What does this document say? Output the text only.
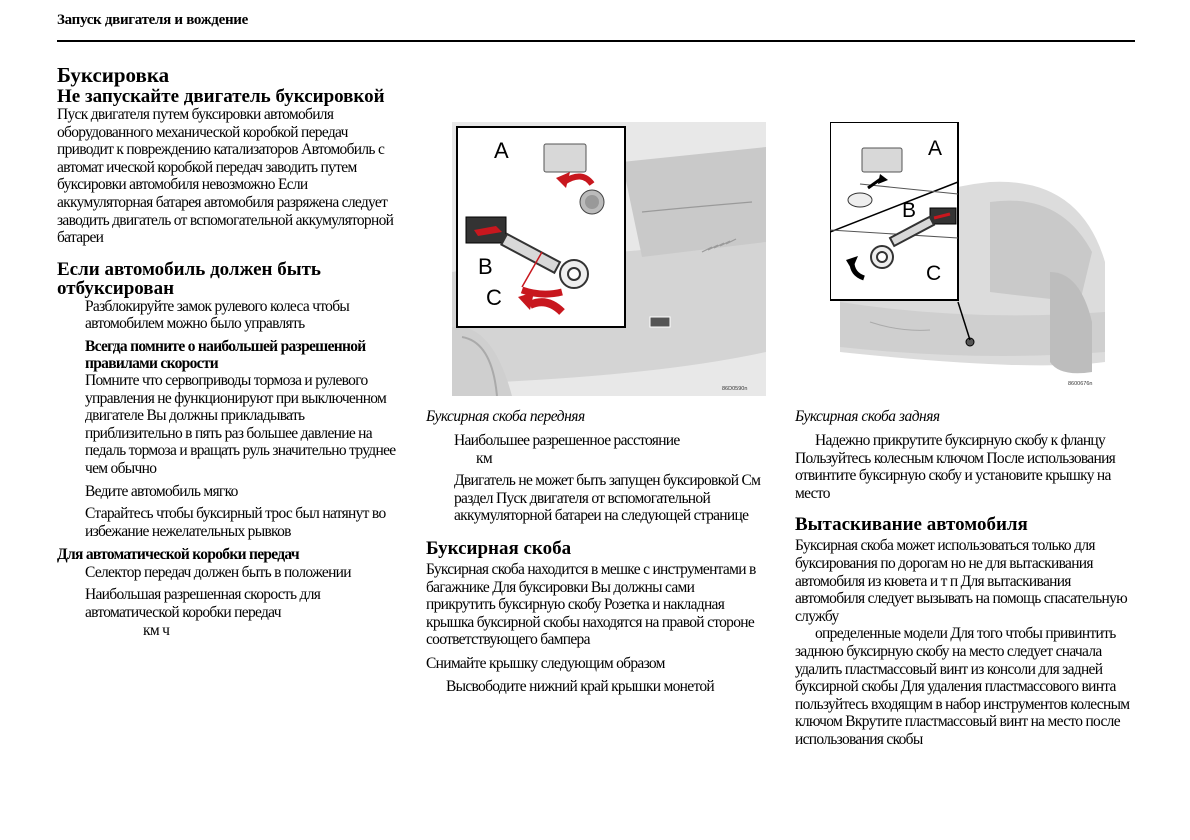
Запуск двигателя и вождение
Буксировка
Не запускайте двигатель буксировкой

Пуск двигателя путем буксировки автомобиля оборудованного механической коробкой передач приводит к повреждению катализаторов Автомобиль с автомат ической коробкой передач заводить путем буксировки автомобиля невозможно Если аккумуляторная батарея автомобиля разряжена следует заводить двигатель от вспомогательной аккумуляторной батареи

Если автомобиль должен быть отбуксирован

Разблокируйте замок рулевого колеса чтобы автомобилем можно было управлять

Всегда помните о наибольшей разрешенной правилами скорости

Помните что сервоприводы тормоза и рулевого управления не функционируют при выключенном двигателе Вы должны прикладывать приблизительно в пять раз большее давление на педаль тормоза и вращать руль значительно труднее чем обычно

Ведите автомобиль мягко

Старайтесь чтобы буксирный трос был натянут во избежание нежелательных рывков

Для автоматической коробки передач

Селектор передач должен быть в положении

Наибольшая разрешенная скорость для автоматической коробки передач

км ч

A
B
C
86D0590n

Буксирная скоба передняя

Наибольшее разрешенное расстояние

км

Двигатель не может быть запущен буксировкой См раздел Пуск двигателя от вспомогательной аккумуляторной батареи на следующей странице

Буксирная скоба

Буксирная скоба находится в мешке с инструментами в багажнике Для буксировки Вы должны сами прикрутить буксирную скобу Розетка и накладная крышка буксирной скобы находятся на правой стороне соответствующего бампера

Снимайте крышку следующим образом

Высвободите нижний край крышки монетой

A
B
C
8600676n

Буксирная скоба задняя

Надежно прикрутите буксирную скобу к фланцу Пользуйтесь колесным ключом После использования отвинтите буксирную скобу и установите крышку на место

Вытаскивание автомобиля

Буксирная скоба может использоваться только для буксирования по дорогам но не для вытаскивания автомобиля из кювета и т п Для вытаскивания автомобиля следует вызывать на помощь спасательную службу

определенные модели Для того чтобы привинтить заднюю буксирную скобу на место следует сначала удалить пластмассовый винт из консоли для задней буксирной скобы Для удаления пластмассового винта пользуйтесь входящим в набор инструментов колесным ключом Вкрутите пластмассовый винт на место после использования скобы
